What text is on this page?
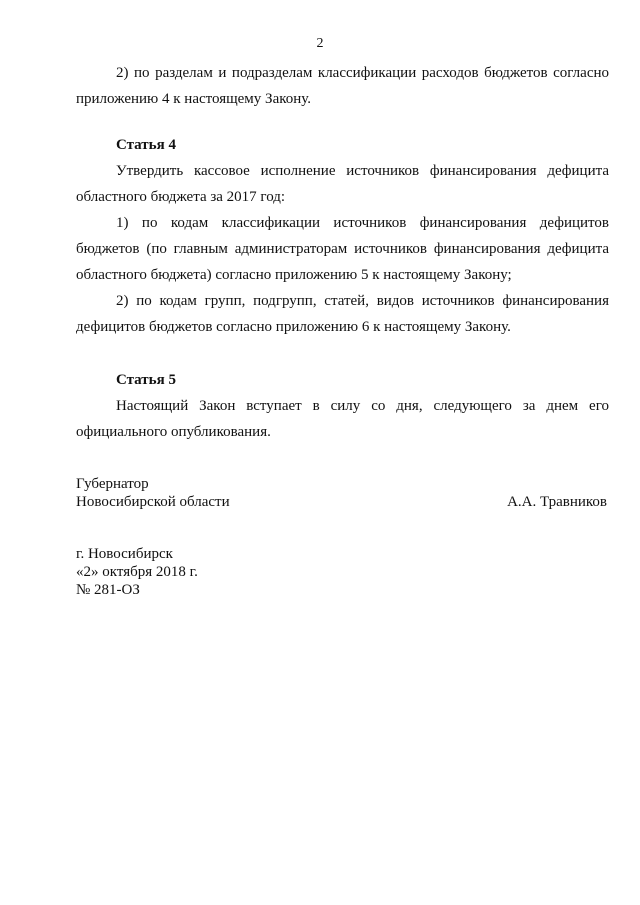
2

2) по разделам и подразделам классификации расходов бюджетов согласно приложению 4 к настоящему Закону.

Статья 4

Утвердить кассовое исполнение источников финансирования дефицита областного бюджета за 2017 год:

1) по кодам классификации источников финансирования дефицитов бюджетов (по главным администраторам источников финансирования дефицита областного бюджета) согласно приложению 5 к настоящему Закону;

2) по кодам групп, подгрупп, статей, видов источников финансирования дефицитов бюджетов согласно приложению 6 к настоящему Закону.

Статья 5

Настоящий Закон вступает в силу со дня, следующего за днем его официального опубликования.

Губернатор
Новосибирской области	А.А. Травников
г. Новосибирск
«2» октября 2018 г.
№ 281-ОЗ
